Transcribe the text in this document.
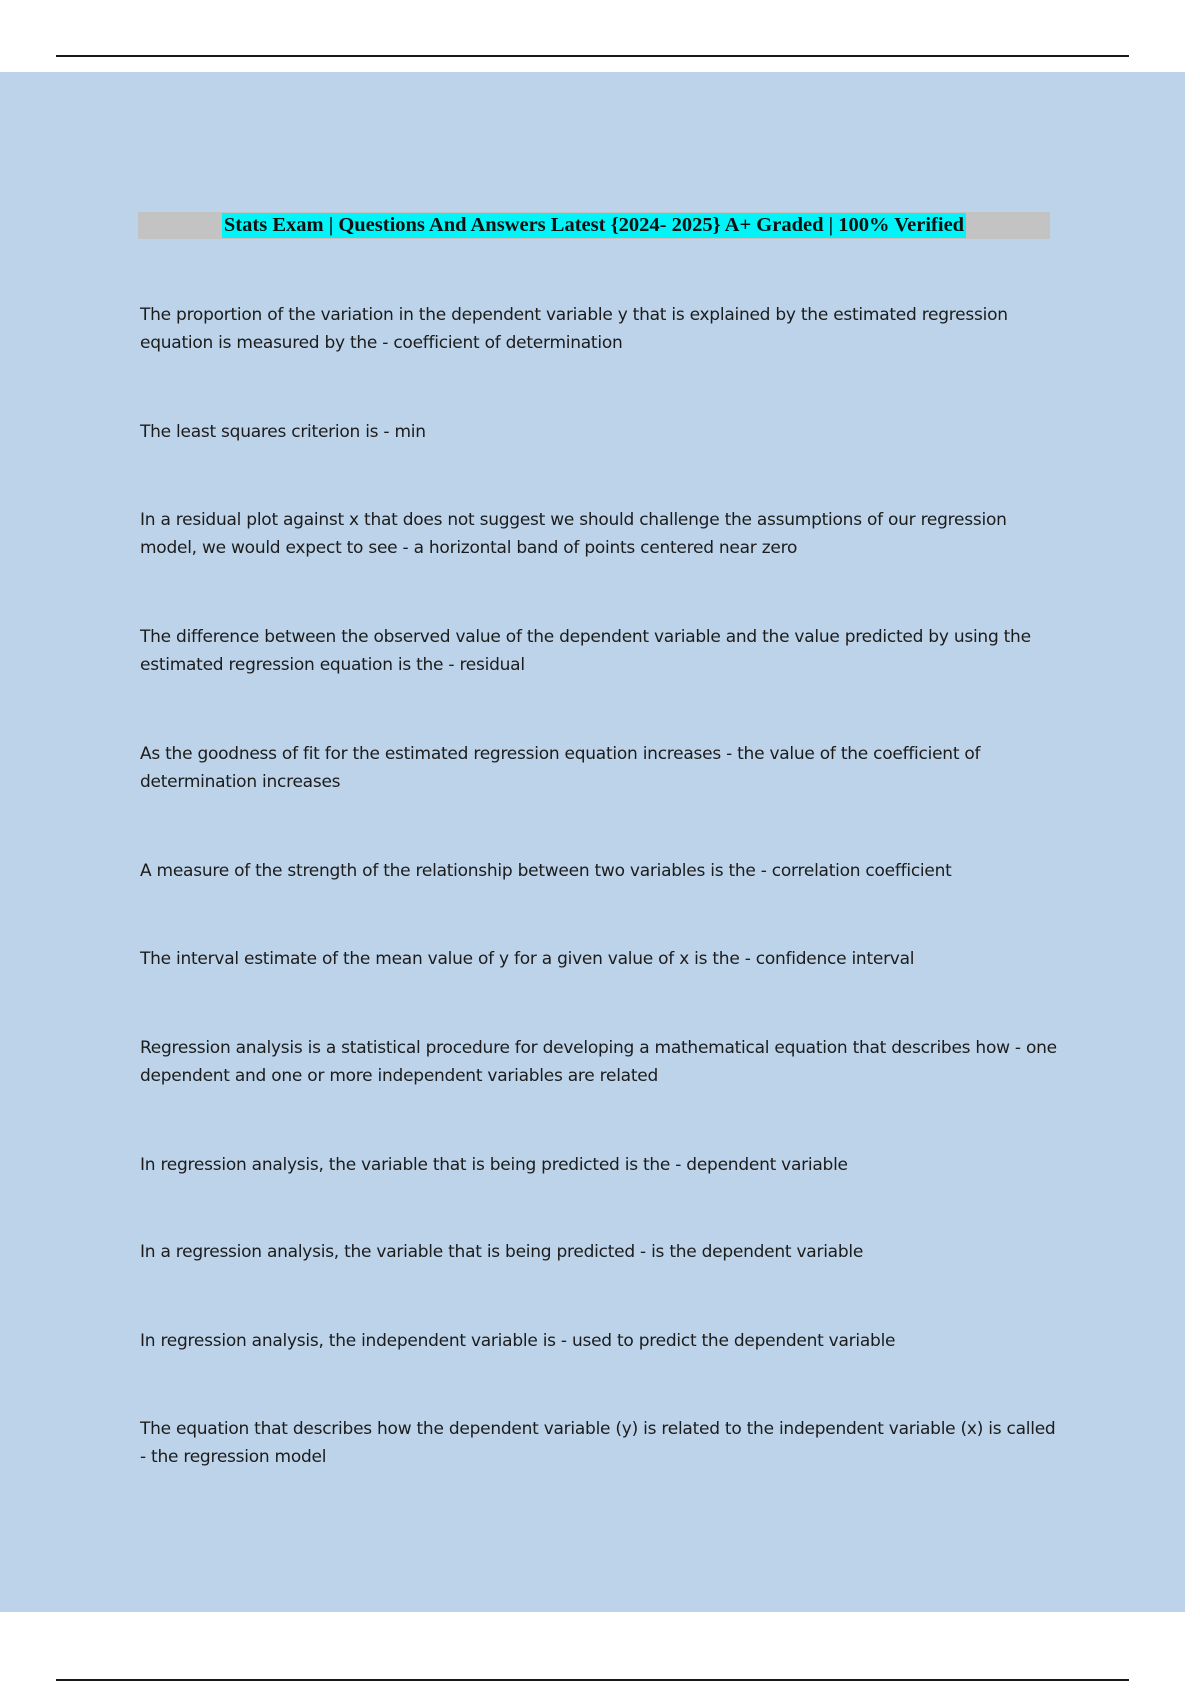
Stats Exam | Questions And Answers Latest {2024- 2025} A+ Graded | 100% Verified

The proportion of the variation in the dependent variable y that is explained by the estimated regression equation is measured by the - coefficient of determination

The least squares criterion is - min

In a residual plot against x that does not suggest we should challenge the assumptions of our regression model, we would expect to see - a horizontal band of points centered near zero

The difference between the observed value of the dependent variable and the value predicted by using the estimated regression equation is the - residual

As the goodness of fit for the estimated regression equation increases - the value of the coefficient of determination increases

A measure of the strength of the relationship between two variables is the - correlation coefficient

The interval estimate of the mean value of y for a given value of x is the - confidence interval

Regression analysis is a statistical procedure for developing a mathematical equation that describes how - one dependent and one or more independent variables are related

In regression analysis, the variable that is being predicted is the - dependent variable

In a regression analysis, the variable that is being predicted - is the dependent variable

In regression analysis, the independent variable is - used to predict the dependent variable

The equation that describes how the dependent variable (y) is related to the independent variable (x) is called - the regression model
